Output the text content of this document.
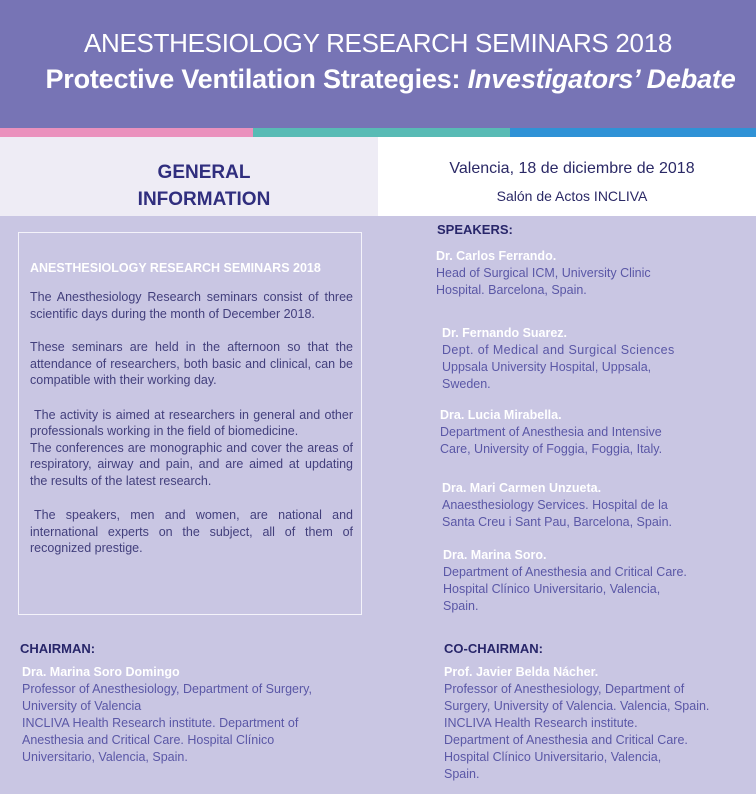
ANESTHESIOLOGY RESEARCH SEMINARS 2018
Protective Ventilation Strategies: Investigators’ Debate
GENERAL
INFORMATION
Valencia, 18 de diciembre de 2018
Salón de Actos INCLIVA
ANESTHESIOLOGY RESEARCH SEMINARS 2018
The Anesthesiology Research seminars consist of three scientific days during the month of December 2018.
These seminars are held in the afternoon so that the attendance of researchers, both basic and clinical, can be compatible with their working day.
The activity is aimed at researchers in general and other professionals working in the field of biomedicine.
The conferences are monographic and cover the areas of respiratory, airway and pain, and are aimed at updating the results of the latest research.
The speakers, men and women, are national and international experts on the subject, all of them of recognized prestige.
SPEAKERS:
Dr. Carlos Ferrando.
Head of Surgical ICM, University Clinic
Hospital. Barcelona, Spain.
Dr. Fernando Suarez.
Dept. of Medical and Surgical Sciences
Uppsala University Hospital, Uppsala,
Sweden.
Dra. Lucia Mirabella.
Department of Anesthesia and Intensive
Care, University of Foggia, Foggia, Italy.
Dra. Mari Carmen Unzueta.
Anaesthesiology Services. Hospital de la
Santa Creu i Sant Pau, Barcelona, Spain.
Dra. Marina Soro.
Department of Anesthesia and Critical Care.
Hospital Clínico Universitario, Valencia,
Spain.
CHAIRMAN:
Dra. Marina Soro Domingo
Professor of Anesthesiology, Department of Surgery,
University of Valencia
INCLIVA Health Research institute. Department of
Anesthesia and Critical Care. Hospital Clínico
Universitario, Valencia, Spain.
CO-CHAIRMAN:
Prof. Javier Belda Nácher.
Professor of Anesthesiology, Department of
Surgery, University of Valencia. Valencia, Spain.
INCLIVA Health Research institute.
Department of Anesthesia and Critical Care.
Hospital Clínico Universitario, Valencia,
Spain.
